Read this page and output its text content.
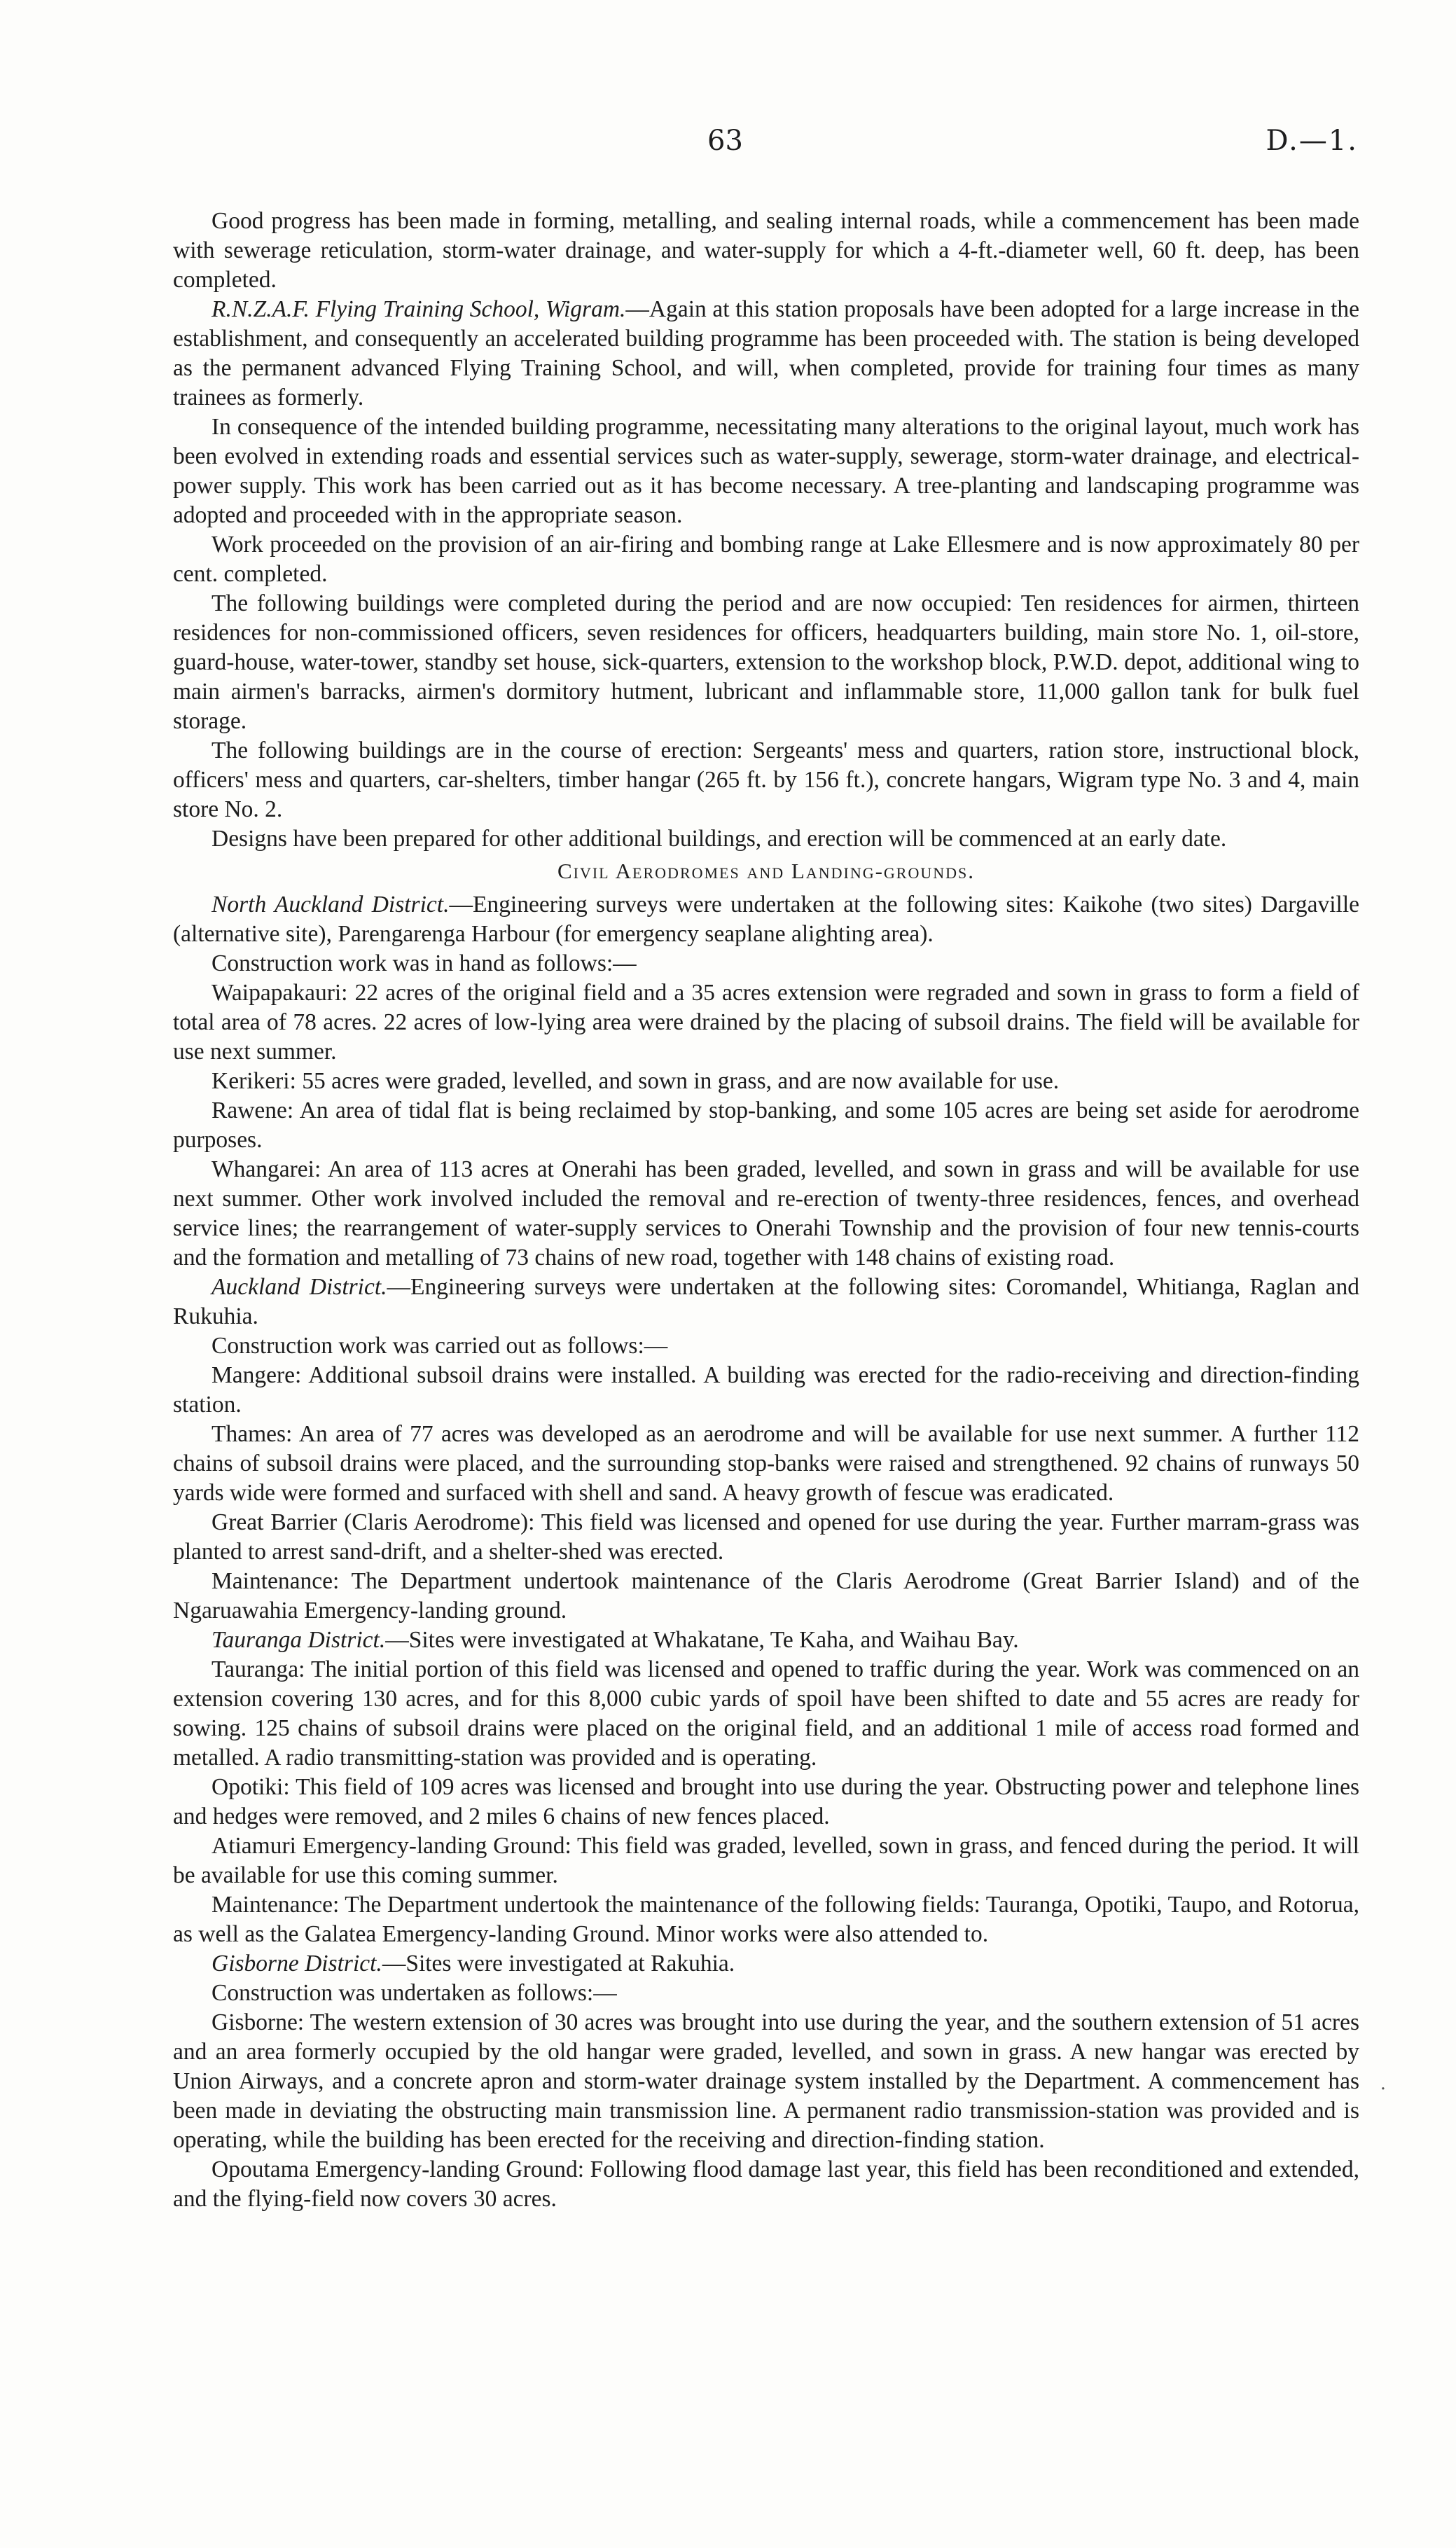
63	D.—1.

Good progress has been made in forming, metalling, and sealing internal roads, while a commencement has been made with sewerage reticulation, storm-water drainage, and water-supply for which a 4-ft.-diameter well, 60 ft. deep, has been completed.

R.N.Z.A.F. Flying Training School, Wigram.—Again at this station proposals have been adopted for a large increase in the establishment, and consequently an accelerated building programme has been proceeded with. The station is being developed as the permanent advanced Flying Training School, and will, when completed, provide for training four times as many trainees as formerly.

In consequence of the intended building programme, necessitating many alterations to the original layout, much work has been evolved in extending roads and essential services such as water-supply, sewerage, storm-water drainage, and electrical-power supply. This work has been carried out as it has become necessary. A tree-planting and landscaping programme was adopted and proceeded with in the appropriate season.

Work proceeded on the provision of an air-firing and bombing range at Lake Ellesmere and is now approximately 80 per cent. completed.

The following buildings were completed during the period and are now occupied: Ten residences for airmen, thirteen residences for non-commissioned officers, seven residences for officers, headquarters building, main store No. 1, oil-store, guard-house, water-tower, standby set house, sick-quarters, extension to the workshop block, P.W.D. depot, additional wing to main airmen's barracks, airmen's dormitory hutment, lubricant and inflammable store, 11,000 gallon tank for bulk fuel storage.

The following buildings are in the course of erection: Sergeants' mess and quarters, ration store, instructional block, officers' mess and quarters, car-shelters, timber hangar (265 ft. by 156 ft.), concrete hangars, Wigram type No. 3 and 4, main store No. 2.

Designs have been prepared for other additional buildings, and erection will be commenced at an early date.

Civil Aerodromes and Landing-grounds.

North Auckland District.—Engineering surveys were undertaken at the following sites: Kaikohe (two sites) Dargaville (alternative site), Parengarenga Harbour (for emergency seaplane alighting area).

Construction work was in hand as follows:—

Waipapakauri: 22 acres of the original field and a 35 acres extension were regraded and sown in grass to form a field of total area of 78 acres. 22 acres of low-lying area were drained by the placing of subsoil drains. The field will be available for use next summer.

Kerikeri: 55 acres were graded, levelled, and sown in grass, and are now available for use.

Rawene: An area of tidal flat is being reclaimed by stop-banking, and some 105 acres are being set aside for aerodrome purposes.

Whangarei: An area of 113 acres at Onerahi has been graded, levelled, and sown in grass and will be available for use next summer. Other work involved included the removal and re-erection of twenty-three residences, fences, and overhead service lines; the rearrangement of water-supply services to Onerahi Township and the provision of four new tennis-courts and the formation and metalling of 73 chains of new road, together with 148 chains of existing road.

Auckland District.—Engineering surveys were undertaken at the following sites: Coromandel, Whitianga, Raglan and Rukuhia.

Construction work was carried out as follows:—

Mangere: Additional subsoil drains were installed. A building was erected for the radio-receiving and direction-finding station.

Thames: An area of 77 acres was developed as an aerodrome and will be available for use next summer. A further 112 chains of subsoil drains were placed, and the surrounding stop-banks were raised and strengthened. 92 chains of runways 50 yards wide were formed and surfaced with shell and sand. A heavy growth of fescue was eradicated.

Great Barrier (Claris Aerodrome): This field was licensed and opened for use during the year. Further marram-grass was planted to arrest sand-drift, and a shelter-shed was erected.

Maintenance: The Department undertook maintenance of the Claris Aerodrome (Great Barrier Island) and of the Ngaruawahia Emergency-landing ground.

Tauranga District.—Sites were investigated at Whakatane, Te Kaha, and Waihau Bay.

Tauranga: The initial portion of this field was licensed and opened to traffic during the year. Work was commenced on an extension covering 130 acres, and for this 8,000 cubic yards of spoil have been shifted to date and 55 acres are ready for sowing. 125 chains of subsoil drains were placed on the original field, and an additional 1 mile of access road formed and metalled. A radio transmitting-station was provided and is operating.

Opotiki: This field of 109 acres was licensed and brought into use during the year. Obstructing power and telephone lines and hedges were removed, and 2 miles 6 chains of new fences placed.

Atiamuri Emergency-landing Ground: This field was graded, levelled, sown in grass, and fenced during the period. It will be available for use this coming summer.

Maintenance: The Department undertook the maintenance of the following fields: Tauranga, Opotiki, Taupo, and Rotorua, as well as the Galatea Emergency-landing Ground. Minor works were also attended to.

Gisborne District.—Sites were investigated at Rakuhia.

Construction was undertaken as follows:—

Gisborne: The western extension of 30 acres was brought into use during the year, and the southern extension of 51 acres and an area formerly occupied by the old hangar were graded, levelled, and sown in grass. A new hangar was erected by Union Airways, and a concrete apron and storm-water drainage system installed by the Department. A commencement has been made in deviating the obstructing main transmission line. A permanent radio transmission-station was provided and is operating, while the building has been erected for the receiving and direction-finding station.

Opoutama Emergency-landing Ground: Following flood damage last year, this field has been reconditioned and extended, and the flying-field now covers 30 acres.

·
